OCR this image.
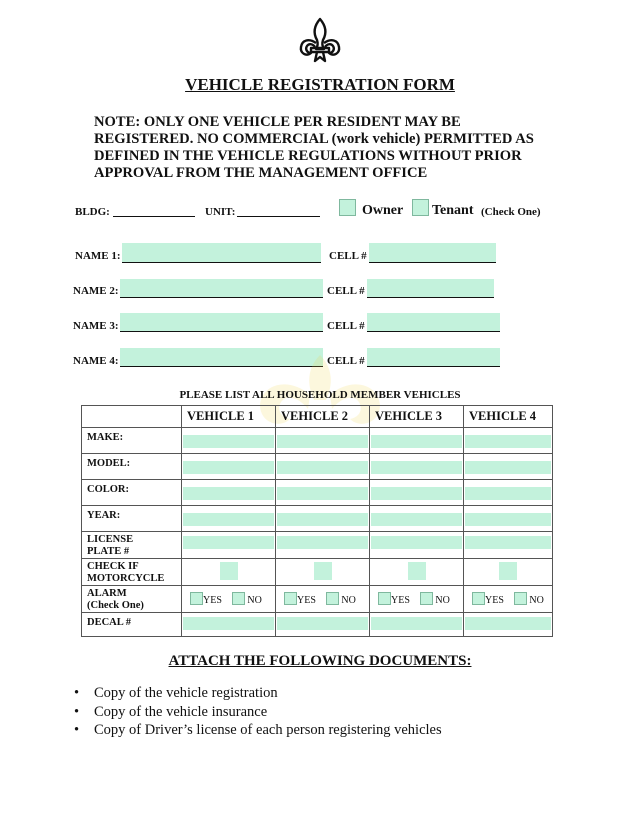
VEHICLE REGISTRATION FORM
NOTE: ONLY ONE VEHICLE PER RESIDENT MAY BE
REGISTERED. NO COMMERCIAL (work vehicle) PERMITTED AS
DEFINED IN THE VEHICLE REGULATIONS WITHOUT PRIOR
APPROVAL FROM THE MANAGEMENT OFFICE
BLDG:	UNIT:	Owner Tenant (Check One)
NAME 1:	CELL #
NAME 2:	CELL #
NAME 3:	CELL #
NAME 4:	CELL #
PLEASE LIST ALL HOUSEHOLD MEMBER VEHICLES
	VEHICLE 1	VEHICLE 2	VEHICLE 3	VEHICLE 4
MAKE:	

MODEL:	

COLOR:	

YEAR:	

LICENSE
PLATE #				

CHECK IF
MOTORCYCLE				

ALARM
(Check One)	YES NO	YES NO	YES NO	YES NO
DECAL #	

ATTACH THE FOLLOWING DOCUMENTS:
• Copy of the vehicle registration
• Copy of the vehicle insurance
• Copy of Driver’s license of each person registering vehicles
